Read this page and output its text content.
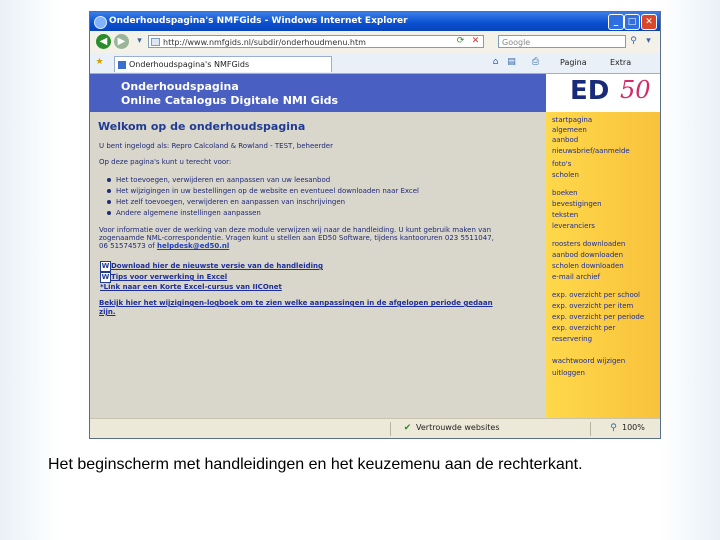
Onderhoudspagina's NMFGids - Windows Internet Explorer	_	□ ✕
◀	▶	▾	http://www.nmfgids.nl/subdir/onderhoudmenu.htm	⟳ ✕	Google	⚲	▾
★	Onderhoudspagina's NMFGids	⌂ ▤ ⎙	Pagina	Extra
Onderhoudspagina
Online Catalogus Digitale NMI Gids	ED 50
Welkom op de onderhoudspagina
U bent ingelogd als: Repro Calcoland & Rowland - TEST, beheerder
Op deze pagina's kunt u terecht voor:
Het toevoegen, verwijderen en aanpassen van uw leesanbod
Het wijzigingen in uw bestellingen op de website en eventueel downloaden naar Excel
Het zelf toevoegen, verwijderen en aanpassen van inschrijvingen
Andere algemene instellingen aanpassen
Voor informatie over de werking van deze module verwijzen wij naar de handleiding. U kunt gebruik maken van
zogenaamde NML-correspondentie. Vragen kunt u stellen aan ED50 Software, tijdens kantooruren 023 5511047,
06 51574573 of helpdesk@ed50.nl
W Download hier de nieuwste versie van de handleiding
W Tips voor verwerking in Excel
*Link naar een Korte Excel-cursus van IICOnet
Bekijk hier het wijzigingen-logboek om te zien welke aanpassingen in de afgelopen periode gedaan
zijn.
startpagina
algemeen
aanbod
nieuwsbrief/aanmelde
foto's
scholen
boeken
bevestigingen
teksten
leveranciers
roosters downloaden
aanbod downloaden
scholen downloaden
e-mail archief
exp. overzicht per school
exp. overzicht per item
exp. overzicht per periode
exp. overzicht per
reservering
wachtwoord wijzigen
uitloggen
✔ Vertrouwde websites	⚲ 100%
Het beginscherm met handleidingen en het keuzemenu aan de rechterkant.
